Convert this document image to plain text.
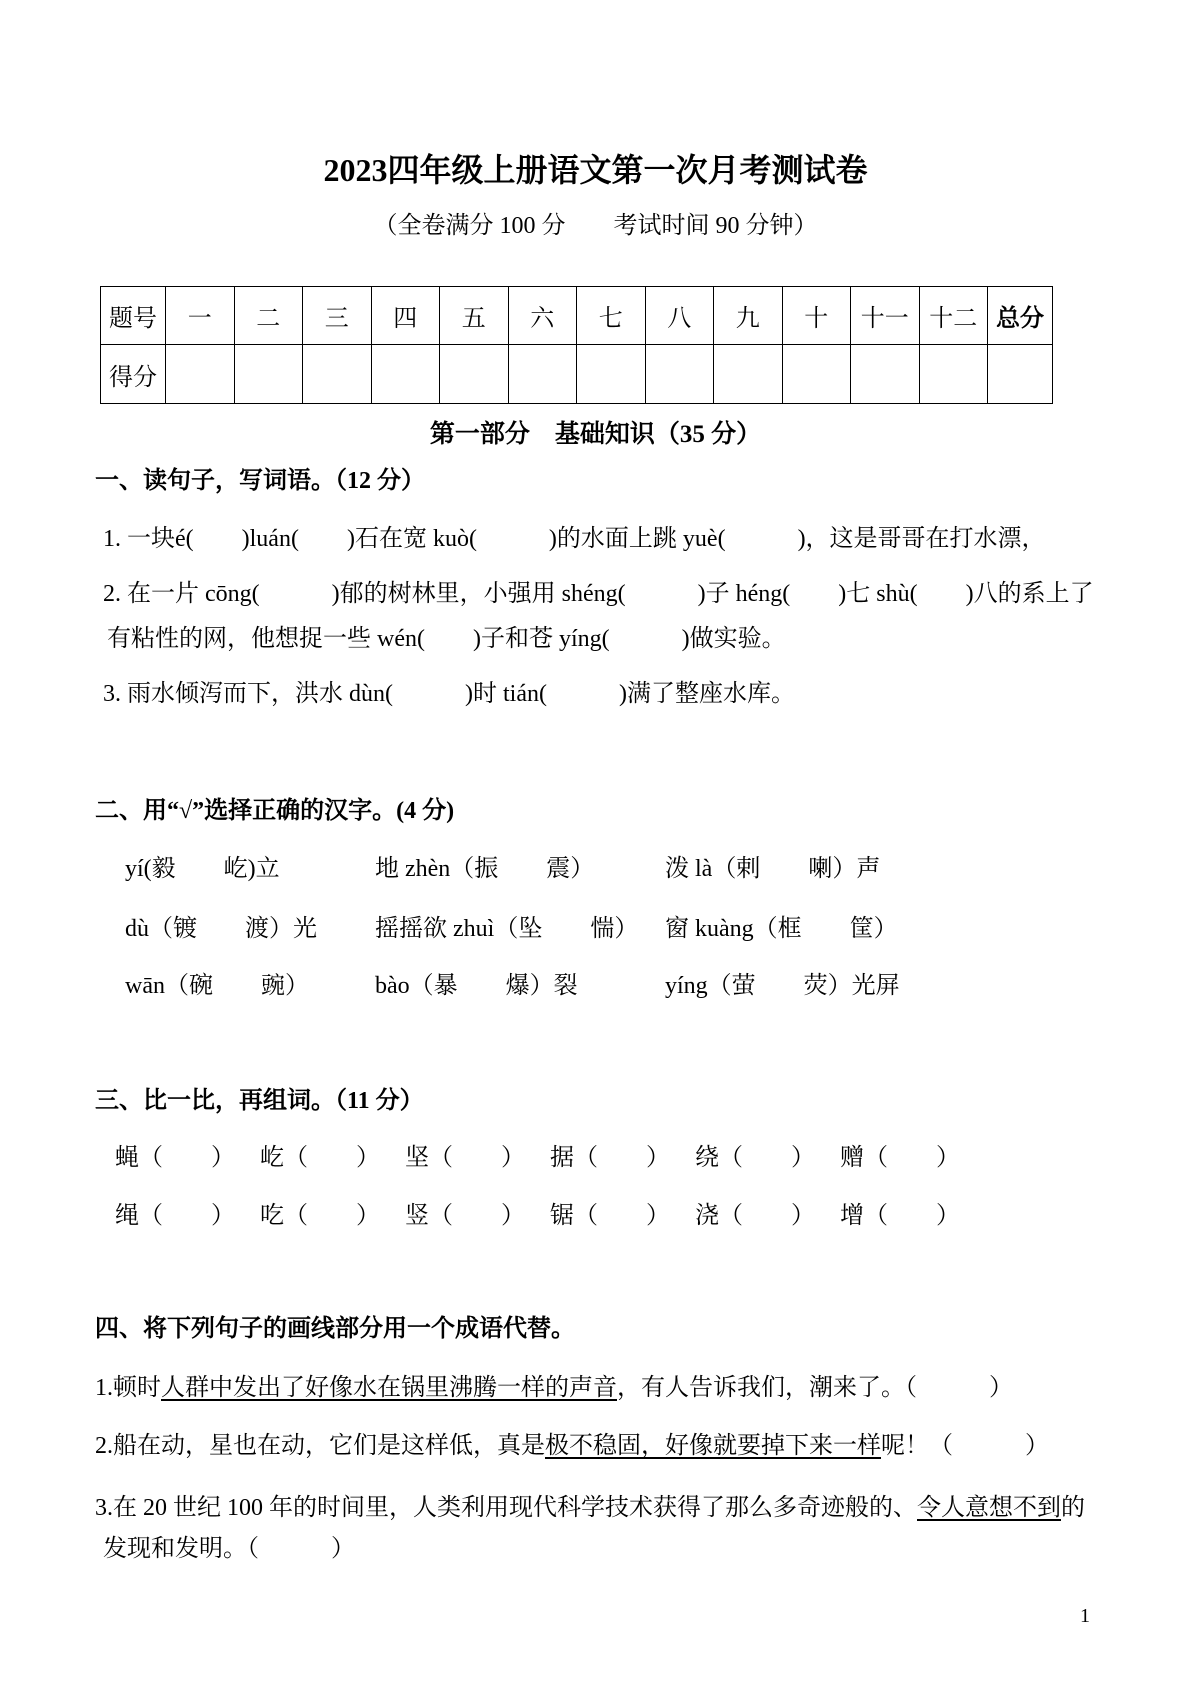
2023四年级上册语文第一次月考测试卷
（全卷满分 100 分　　考试时间 90 分钟）
题号	一	二	三	四	五	六	七	八	九	十	十一	十二	总分
得分													
第一部分　基础知识（35 分）

一、读句子，写词语。（12 分）

1. 一块é(　　)luán(　　)石在宽 kuò(　　　)的水面上跳 yuè(　　　)，这是哥哥在打水漂，

2. 在一片 cōng(　　　)郁的树林里，小强用 shéng(　　　)子 héng(　　)七 shù(　　)八的系上了

有粘性的网，他想捉一些 wén(　　)子和苍 yíng(　　　)做实验。

3. 雨水倾泻而下，洪水 dùn(　　　)时 tián(　　　)满了整座水库。

二、用“√”选择正确的汉字。(4 分)

yí(毅　　屹)立	地 zhèn（振　　震）	泼 là（剌　　喇）声
dù（镀　　渡）光	摇摇欲 zhuì（坠　　惴）	窗 kuàng（框　　筐）
wān（碗　　豌）	bào（暴　　爆）裂	yíng（萤　　荧）光屏

三、比一比，再组词。（11 分）

蝇（　　）	屹（　　）	坚（　　）	据（　　）	绕（　　）	赠（　　）
绳（　　）	吃（　　）	竖（　　）	锯（　　）	浇（　　）	增（　　）

四、将下列句子的画线部分用一个成语代替。

1.顿时人群中发出了好像水在锅里沸腾一样的声音，有人告诉我们，潮来了。（　　　）

2.船在动，星也在动，它们是这样低，真是极不稳固，好像就要掉下来一样呢！（　　　）

3.在 20 世纪 100 年的时间里，人类利用现代科学技术获得了那么多奇迹般的、令人意想不到的

发现和发明。（　　　）

1
